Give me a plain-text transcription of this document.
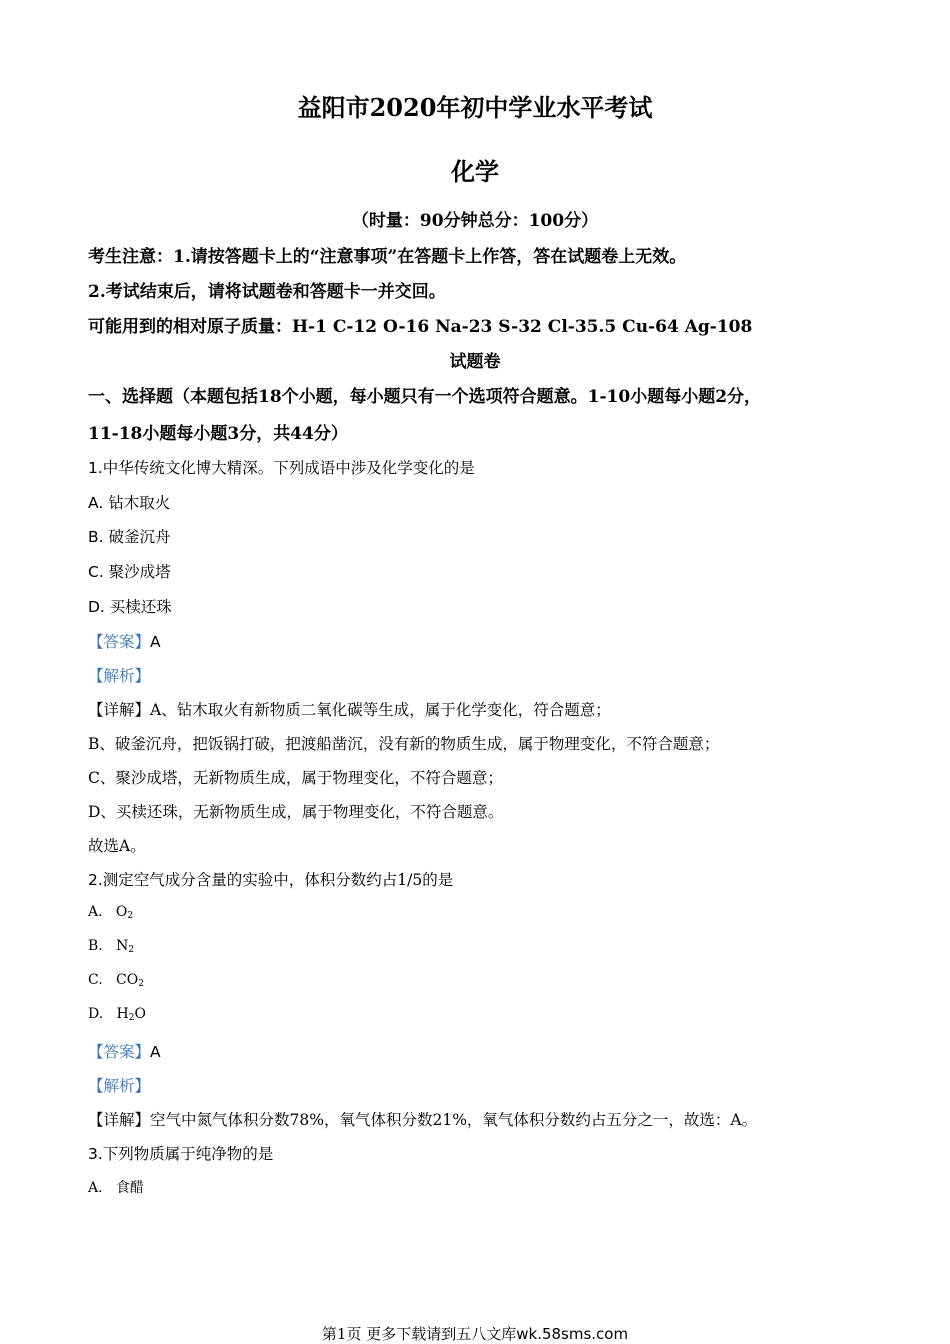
益阳市2020年初中学业水平考试
化学
（时量：90分钟总分：100分）
考生注意：1.请按答题卡上的“注意事项”在答题卡上作答，答在试题卷上无效。
2.考试结束后，请将试题卷和答题卡一并交回。
可能用到的相对原子质量：H-1 C-12 O-16 Na-23 S-32 Cl-35.5 Cu-64 Ag-108
试题卷
一、选择题（本题包括18个小题，每小题只有一个选项符合题意。1-10小题每小题2分，
11-18小题每小题3分，共44分）
1.中华传统文化博大精深。下列成语中涉及化学变化的是
A. 钻木取火
B. 破釜沉舟
C. 聚沙成塔
D. 买椟还珠
【答案】A
【解析】
【详解】A、钻木取火有新物质二氧化碳等生成，属于化学变化，符合题意；
B、破釜沉舟，把饭锅打破，把渡船凿沉，没有新的物质生成，属于物理变化，不符合题意；
C、聚沙成塔，无新物质生成，属于物理变化，不符合题意；
D、买椟还珠，无新物质生成，属于物理变化，不符合题意。
故选A。
2.测定空气成分含量的实验中，体积分数约占1/5的是
A. $O_2$
B. $N_2$
C. $CO_2$
D. $H_2O$
【答案】A
【解析】
【详解】空气中氮气体积分数78%，氧气体积分数21%，氧气体积分数约占五分之一，故选：A。
3.下列物质属于纯净物的是
A. 食醋
第1页 更多下载请到五八文库wk.58sms.com
